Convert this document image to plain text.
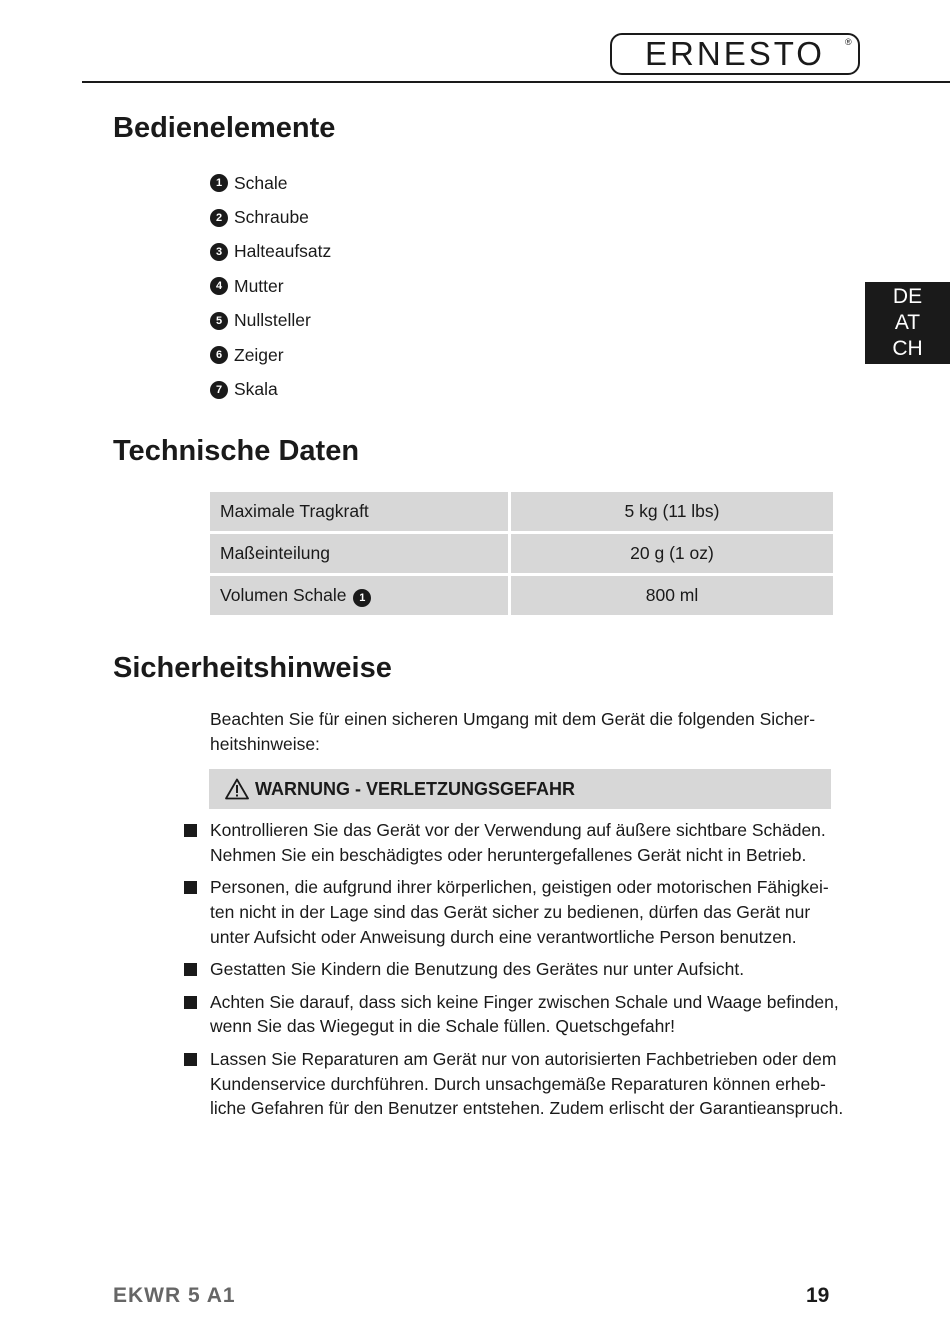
ERNESTO ®
DE
AT
CH
Bedienelemente
1 Schale
2 Schraube
3 Halteaufsatz
4 Mutter
5 Nullsteller
6 Zeiger
7 Skala
Technische Daten
Maximale Tragkraft	5 kg (11 lbs)
Maßeinteilung	20 g (1 oz)
Volumen Schale 1	800 ml
Sicherheitshinweise

Beachten Sie für einen sicheren Umgang mit dem Gerät die folgenden Sicher-heitshinweise:

WARNUNG - VERLETZUNGSGEFAHR
Kontrollieren Sie das Gerät vor der Verwendung auf äußere sichtbare Schäden. Nehmen Sie ein beschädigtes oder heruntergefallenes Gerät nicht in Betrieb.
Personen, die aufgrund ihrer körperlichen, geistigen oder motorischen Fähigkei-ten nicht in der Lage sind das Gerät sicher zu bedienen, dürfen das Gerät nur unter Aufsicht oder Anweisung durch eine verantwortliche Person benutzen.
Gestatten Sie Kindern die Benutzung des Gerätes nur unter Aufsicht.
Achten Sie darauf, dass sich keine Finger zwischen Schale und Waage befinden, wenn Sie das Wiegegut in die Schale füllen. Quetschgefahr!
Lassen Sie Reparaturen am Gerät nur von autorisierten Fachbetrieben oder dem Kundenservice durchführen. Durch unsachgemäße Reparaturen können erheb-liche Gefahren für den Benutzer entstehen. Zudem erlischt der Garantieanspruch.
EKWR 5 A1	19
